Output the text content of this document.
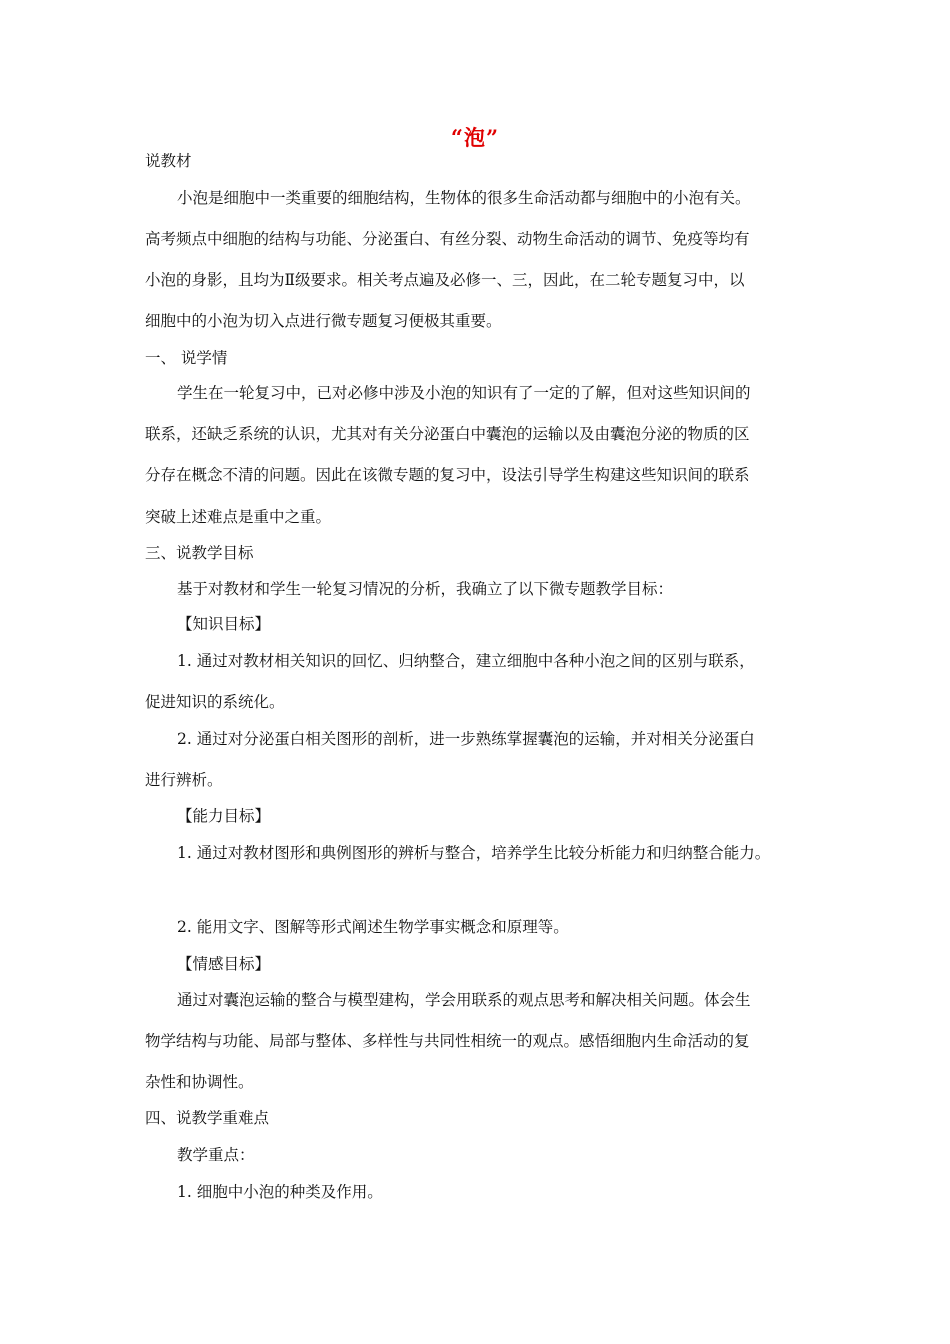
“泡”
说教材
小泡是细胞中一类重要的细胞结构，生物体的很多生命活动都与细胞中的小泡有关。
高考频点中细胞的结构与功能、分泌蛋白、有丝分裂、动物生命活动的调节、免疫等均有
小泡的身影，且均为Ⅱ级要求。相关考点遍及必修一、三，因此，在二轮专题复习中，以
细胞中的小泡为切入点进行微专题复习便极其重要。
一、 说学情
学生在一轮复习中，已对必修中涉及小泡的知识有了一定的了解，但对这些知识间的
联系，还缺乏系统的认识，尤其对有关分泌蛋白中囊泡的运输以及由囊泡分泌的物质的区
分存在概念不清的问题。因此在该微专题的复习中，设法引导学生构建这些知识间的联系
突破上述难点是重中之重。
三、说教学目标
基于对教材和学生一轮复习情况的分析，我确立了以下微专题教学目标：
【知识目标】
1. 通过对教材相关知识的回忆、归纳整合，建立细胞中各种小泡之间的区别与联系，
促进知识的系统化。
2. 通过对分泌蛋白相关图形的剖析，进一步熟练掌握囊泡的运输，并对相关分泌蛋白
进行辨析。
【能力目标】
1. 通过对教材图形和典例图形的辨析与整合，培养学生比较分析能力和归纳整合能力。
2. 能用文字、图解等形式阐述生物学事实概念和原理等。
【情感目标】
通过对囊泡运输的整合与模型建构，学会用联系的观点思考和解决相关问题。体会生
物学结构与功能、局部与整体、多样性与共同性相统一的观点。感悟细胞内生命活动的复
杂性和协调性。
四、说教学重难点
教学重点：
1. 细胞中小泡的种类及作用。
